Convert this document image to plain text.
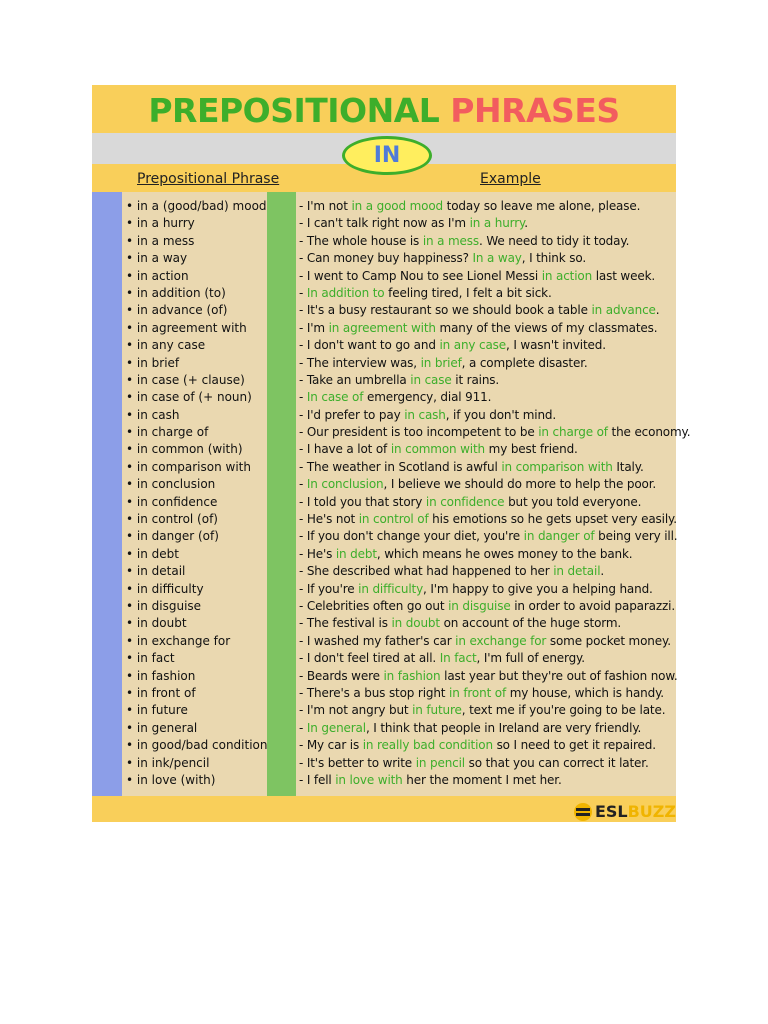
PREPOSITIONAL PHRASES
IN
Prepositional Phrase	Example
• in a (good/bad) mood	- I'm not in a good mood today so leave me alone, please.
• in a hurry	- I can't talk right now as I'm in a hurry.
• in a mess	- The whole house is in a mess. We need to tidy it today.
• in a way	- Can money buy happiness? In a way, I think so.
• in action	- I went to Camp Nou to see Lionel Messi in action last week.
• in addition (to)	- In addition to feeling tired, I felt a bit sick.
• in advance (of)	- It's a busy restaurant so we should book a table in advance.
• in agreement with	- I'm in agreement with many of the views of my classmates.
• in any case	- I don't want to go and in any case, I wasn't invited.
• in brief	- The interview was, in brief, a complete disaster.
• in case (+ clause)	- Take an umbrella in case it rains.
• in case of (+ noun)	- In case of emergency, dial 911.
• in cash	- I'd prefer to pay in cash, if you don't mind.
• in charge of	- Our president is too incompetent to be in charge of the economy.
• in common (with)	- I have a lot of in common with my best friend.
• in comparison with	- The weather in Scotland is awful in comparison with Italy.
• in conclusion	- In conclusion, I believe we should do more to help the poor.
• in confidence	- I told you that story in confidence but you told everyone.
• in control (of)	- He's not in control of his emotions so he gets upset very easily.
• in danger (of)	- If you don't change your diet, you're in danger of being very ill.
• in debt	- He's in debt, which means he owes money to the bank.
• in detail	- She described what had happened to her in detail.
• in difficulty	- If you're in difficulty, I'm happy to give you a helping hand.
• in disguise	- Celebrities often go out in disguise in order to avoid paparazzi.
• in doubt	- The festival is in doubt on account of the huge storm.
• in exchange for	- I washed my father's car in exchange for some pocket money.
• in fact	- I don't feel tired at all. In fact, I'm full of energy.
• in fashion	- Beards were in fashion last year but they're out of fashion now.
• in front of	- There's a bus stop right in front of my house, which is handy.
• in future	- I'm not angry but in future, text me if you're going to be late.
• in general	- In general, I think that people in Ireland are very friendly.
• in good/bad condition	- My car is in really bad condition so I need to get it repaired.
• in ink/pencil	- It's better to write in pencil so that you can correct it later.
• in love (with)	- I fell in love with her the moment I met her.
ESLBUZZ
